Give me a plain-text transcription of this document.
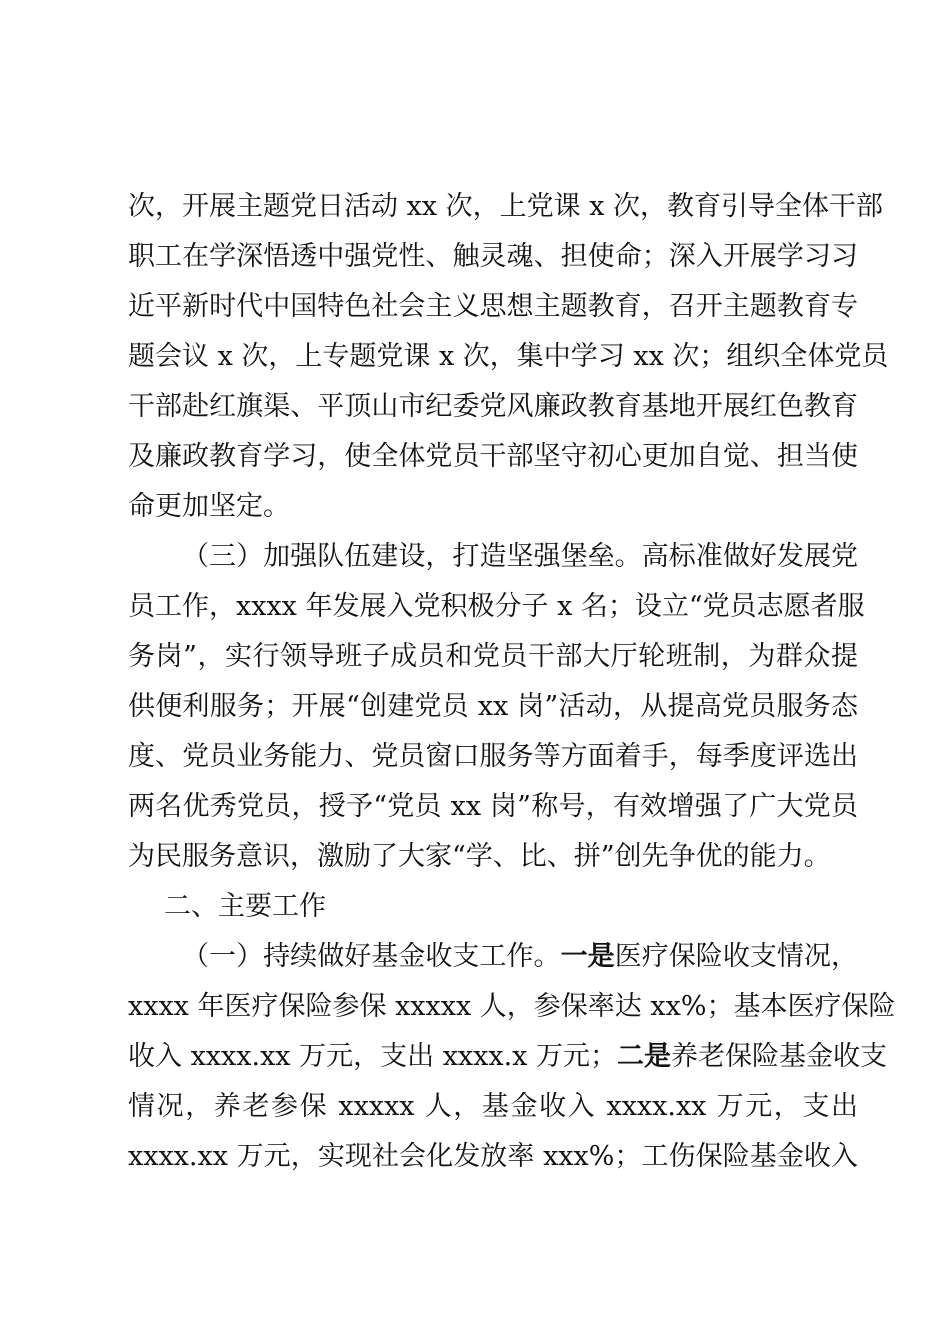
次，开展主题党日活动 xx 次，上党课 x 次，教育引导全体干部
职工在学深悟透中强党性、触灵魂、担使命；深入开展学习习
近平新时代中国特色社会主义思想主题教育，召开主题教育专
题会议 x 次，上专题党课 x 次，集中学习 xx 次；组织全体党员
干部赴红旗渠、平顶山市纪委党风廉政教育基地开展红色教育
及廉政教育学习，使全体党员干部坚守初心更加自觉、担当使
命更加坚定。
（三）加强队伍建设，打造坚强堡垒。高标准做好发展党
员工作，xxxx 年发展入党积极分子 x 名；设立“党员志愿者服
务岗”，实行领导班子成员和党员干部大厅轮班制，为群众提
供便利服务；开展“创建党员 xx 岗”活动，从提高党员服务态
度、党员业务能力、党员窗口服务等方面着手，每季度评选出
两名优秀党员，授予“党员 xx 岗”称号，有效增强了广大党员
为民服务意识，激励了大家“学、比、拼”创先争优的能力。
二、主要工作
（一）持续做好基金收支工作。一是医疗保险收支情况，
xxxx 年医疗保险参保 xxxxx 人，参保率达 xx%；基本医疗保险
收入 xxxx.xx 万元，支出 xxxx.x 万元；二是养老保险基金收支
情况，养老参保 xxxxx 人，基金收入 xxxx.xx 万元，支出
xxxx.xx 万元，实现社会化发放率 xxx%；工伤保险基金收入
